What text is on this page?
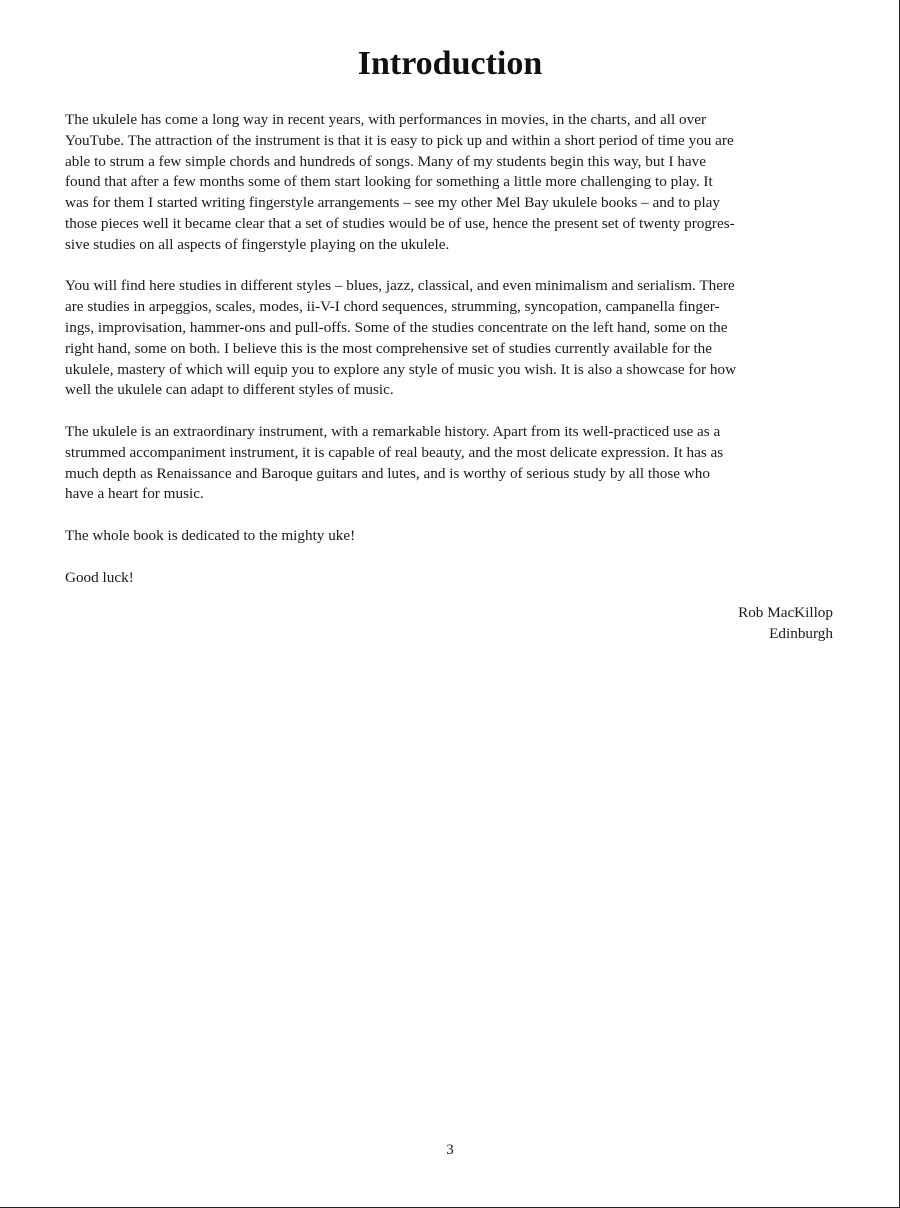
Introduction

The ukulele has come a long way in recent years, with performances in movies, in the charts, and all over
YouTube. The attraction of the instrument is that it is easy to pick up and within a short period of time you are
able to strum a few simple chords and hundreds of songs. Many of my students begin this way, but I have
found that after a few months some of them start looking for something a little more challenging to play. It
was for them I started writing fingerstyle arrangements – see my other Mel Bay ukulele books – and to play
those pieces well it became clear that a set of studies would be of use, hence the present set of twenty progres-
sive studies on all aspects of fingerstyle playing on the ukulele.

You will find here studies in different styles – blues, jazz, classical, and even minimalism and serialism. There
are studies in arpeggios, scales, modes, ii-V-I chord sequences, strumming, syncopation, campanella finger-
ings, improvisation, hammer-ons and pull-offs. Some of the studies concentrate on the left hand, some on the
right hand, some on both. I believe this is the most comprehensive set of studies currently available for the
ukulele, mastery of which will equip you to explore any style of music you wish. It is also a showcase for how
well the ukulele can adapt to different styles of music.

The ukulele is an extraordinary instrument, with a remarkable history. Apart from its well-practiced use as a
strummed accompaniment instrument, it is capable of real beauty, and the most delicate expression. It has as
much depth as Renaissance and Baroque guitars and lutes, and is worthy of serious study by all those who
have a heart for music.

The whole book is dedicated to the mighty uke!

Good luck!

Rob MacKillop
Edinburgh
3
